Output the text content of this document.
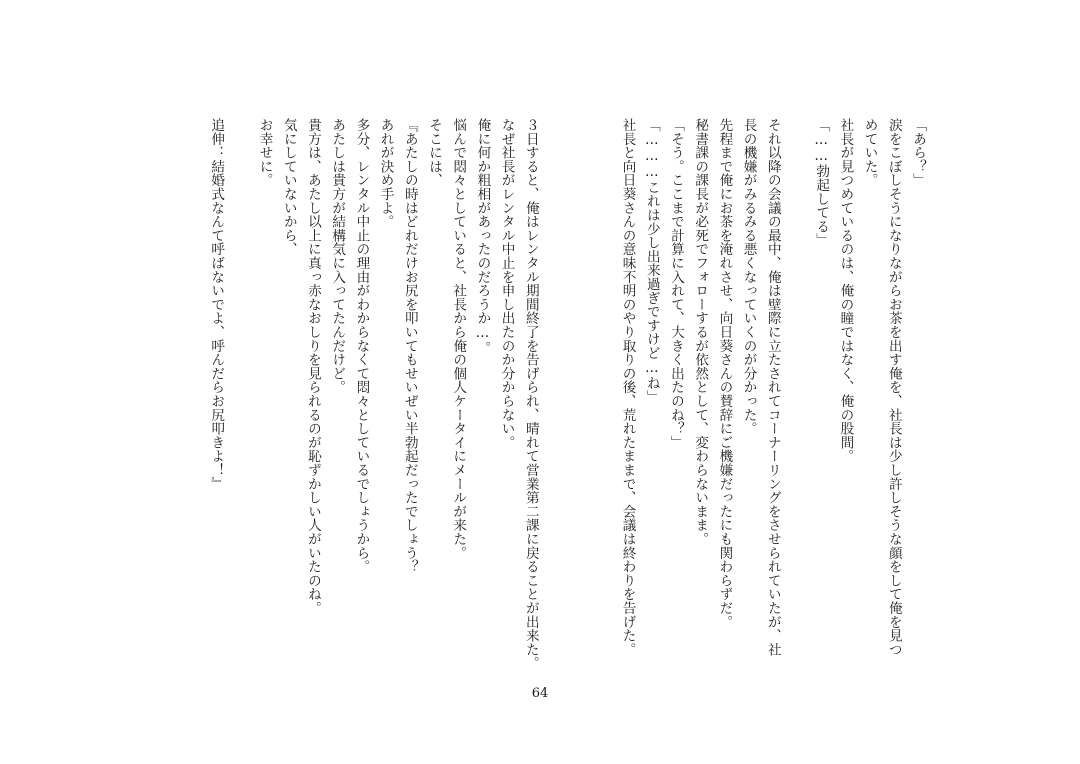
「あら？」
涙をこぼしそうになりながらお茶を出す俺を、社長は少し許しそうな顔をして俺を見つ
めていた。
社長が見つめているのは、俺の瞳ではなく、俺の股間。
「……勃起してる」
それ以降の会議の最中、俺は壁際に立たされてコーナーリングをさせられていたが、社
長の機嫌がみるみる悪くなっていくのが分かった。
先程まで俺にお茶を淹れさせ、向日葵さんの賛辞にご機嫌だったにも関わらずだ。
秘書課の課長が必死でフォローするが依然として、変わらないまま。
「そう。ここまで計算に入れて、大きく出たのね？」
「………これは少し出来過ぎですけど…ね」
社長と向日葵さんの意味不明のやり取りの後、荒れたままで、会議は終わりを告げた。
３日すると、俺はレンタル期間終了を告げられ、晴れて営業第二課に戻ることが出来た。
なぜ社長がレンタル中止を申し出たのか分からない。
俺に何か粗相があったのだろうか…。
悩んで悶々としていると、社長から俺の個人ケータイにメールが来た。
そこには、
『あたしの時はどれだけお尻を叩いてもせいぜい半勃起だったでしょう？
あれが決め手よ。
多分、レンタル中止の理由がわからなくて悶々としているでしょうから。
あたしは貴方が結構気に入ってたんだけど。
貴方は、あたし以上に真っ赤なおしりを見られるのが恥ずかしい人がいたのね。
気にしていないから、
お幸せに。
追伸：結婚式なんて呼ばないでよ、呼んだらお尻叩きよ！』
64
